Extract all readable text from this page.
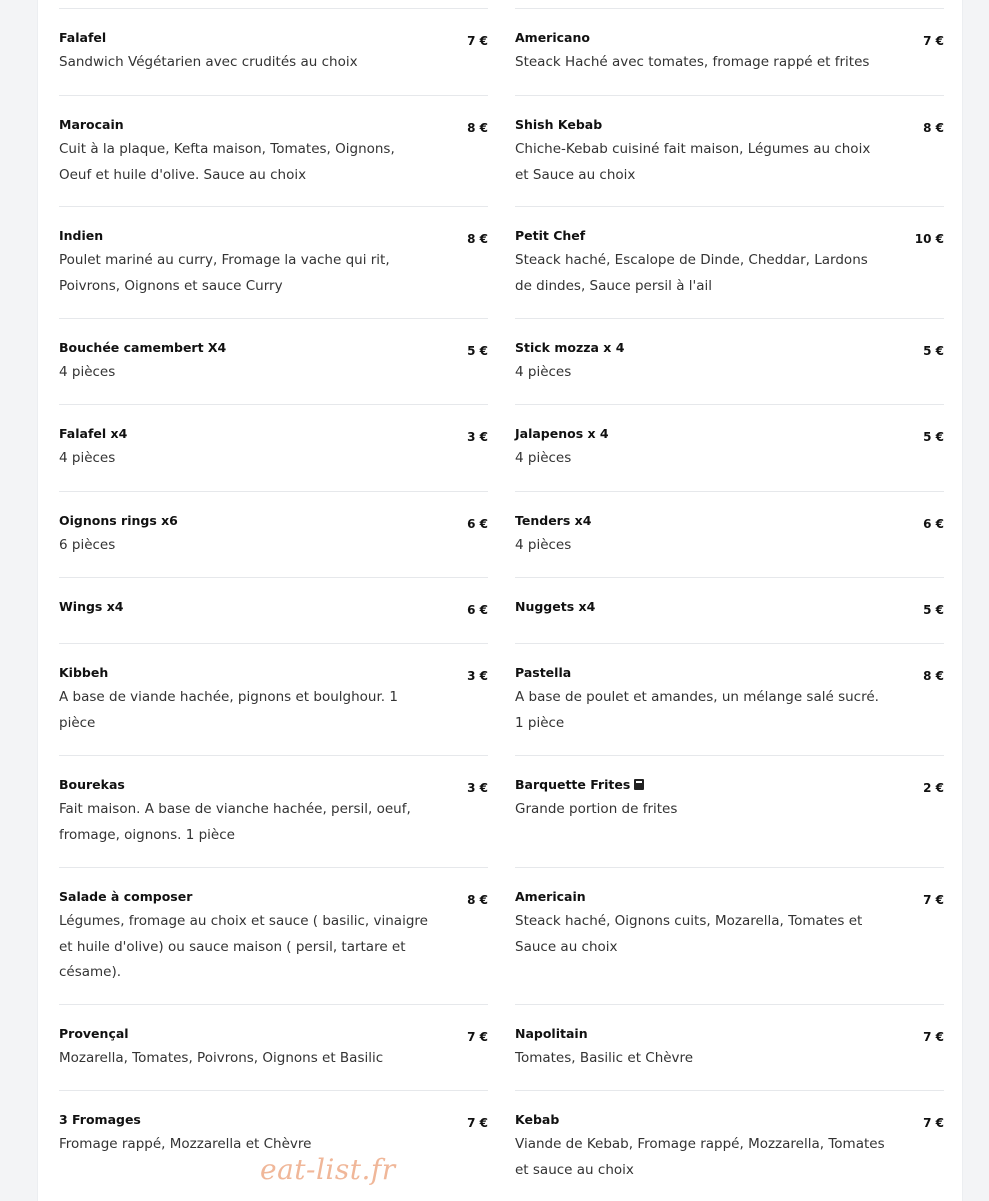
Falafel	7 €
Sandwich Végétarien avec crudités au choix
Marocain	8 €
Cuit à la plaque, Kefta maison, Tomates, Oignons, Oeuf et huile d'olive. Sauce au choix
Indien	8 €
Poulet mariné au curry, Fromage la vache qui rit, Poivrons, Oignons et sauce Curry
Bouchée camembert X4	5 €
4 pièces
Falafel x4	3 €
4 pièces
Oignons rings x6	6 €
6 pièces
Wings x4	6 €
Kibbeh	3 €
A base de viande hachée, pignons et boulghour. 1 pièce
Bourekas	3 €
Fait maison. A base de vianche hachée, persil, oeuf, fromage, oignons. 1 pièce
Salade à composer	8 €
Légumes, fromage au choix et sauce ( basilic, vinaigre et huile d'olive) ou sauce maison ( persil, tartare et césame).
Provençal	7 €
Mozarella, Tomates, Poivrons, Oignons et Basilic
3 Fromages	7 €
Fromage rappé, Mozzarella et Chèvre
Americano	7 €
Steack Haché avec tomates, fromage rappé et frites
Shish Kebab	8 €
Chiche-Kebab cuisiné fait maison, Légumes au choix et Sauce au choix
Petit Chef	10 €
Steack haché, Escalope de Dinde, Cheddar, Lardons de dindes, Sauce persil à l'ail
Stick mozza x 4	5 €
4 pièces
Jalapenos x 4	5 €
4 pièces
Tenders x4	6 €
4 pièces
Nuggets x4	5 €
Pastella	8 €
A base de poulet et amandes, un mélange salé sucré. 1 pièce
Barquette Frites	2 €
Grande portion de frites
Americain	7 €
Steack haché, Oignons cuits, Mozarella, Tomates et Sauce au choix
Napolitain	7 €
Tomates, Basilic et Chèvre
Kebab	7 €
Viande de Kebab, Fromage rappé, Mozzarella, Tomates et sauce au choix
eat-list.fr
